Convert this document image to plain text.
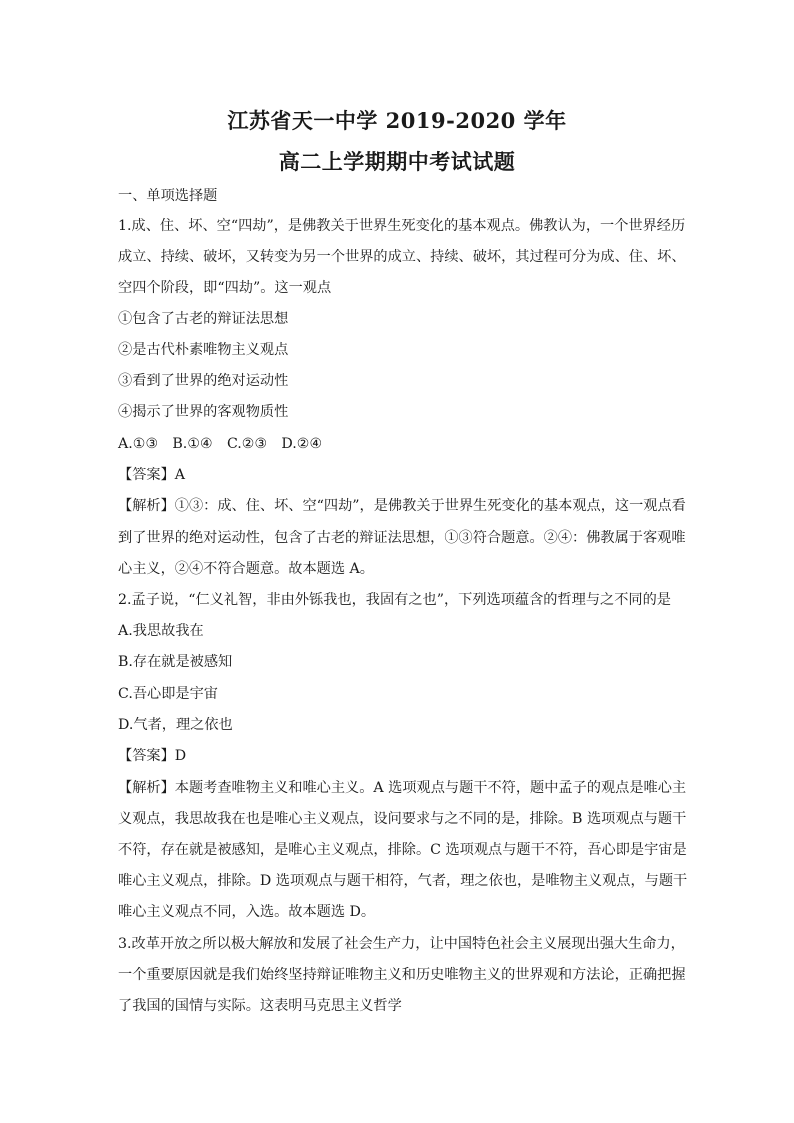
江苏省天一中学 2019-2020 学年
高二上学期期中考试试题
一、单项选择题
1.成、住、坏、空“四劫”，是佛教关于世界生死变化的基本观点。佛教认为，一个世界经历
成立、持续、破坏，又转变为另一个世界的成立、持续、破坏，其过程可分为成、住、坏、
空四个阶段，即“四劫”。这一观点
①包含了古老的辩证法思想
②是古代朴素唯物主义观点
③看到了世界的绝对运动性
④揭示了世界的客观物质性
A.①③　B.①④　C.②③　D.②④
【答案】A
【解析】①③：成、住、坏、空“四劫”，是佛教关于世界生死变化的基本观点，这一观点看
到了世界的绝对运动性，包含了古老的辩证法思想，①③符合题意。②④：佛教属于客观唯
心主义，②④不符合题意。故本题选 A。
2.孟子说，“仁义礼智，非由外铄我也，我固有之也”，下列选项蕴含的哲理与之不同的是
A.我思故我在
B.存在就是被感知
C.吾心即是宇宙
D.气者，理之依也
【答案】D
【解析】本题考查唯物主义和唯心主义。A 选项观点与题干不符，题中孟子的观点是唯心主
义观点，我思故我在也是唯心主义观点，设问要求与之不同的是，排除。B 选项观点与题干
不符，存在就是被感知，是唯心主义观点，排除。C 选项观点与题干不符，吾心即是宇宙是
唯心主义观点，排除。D 选项观点与题干相符，气者，理之依也，是唯物主义观点，与题干
唯心主义观点不同，入选。故本题选 D。
3.改革开放之所以极大解放和发展了社会生产力，让中国特色社会主义展现出强大生命力，
一个重要原因就是我们始终坚持辩证唯物主义和历史唯物主义的世界观和方法论，正确把握
了我国的国情与实际。这表明马克思主义哲学
